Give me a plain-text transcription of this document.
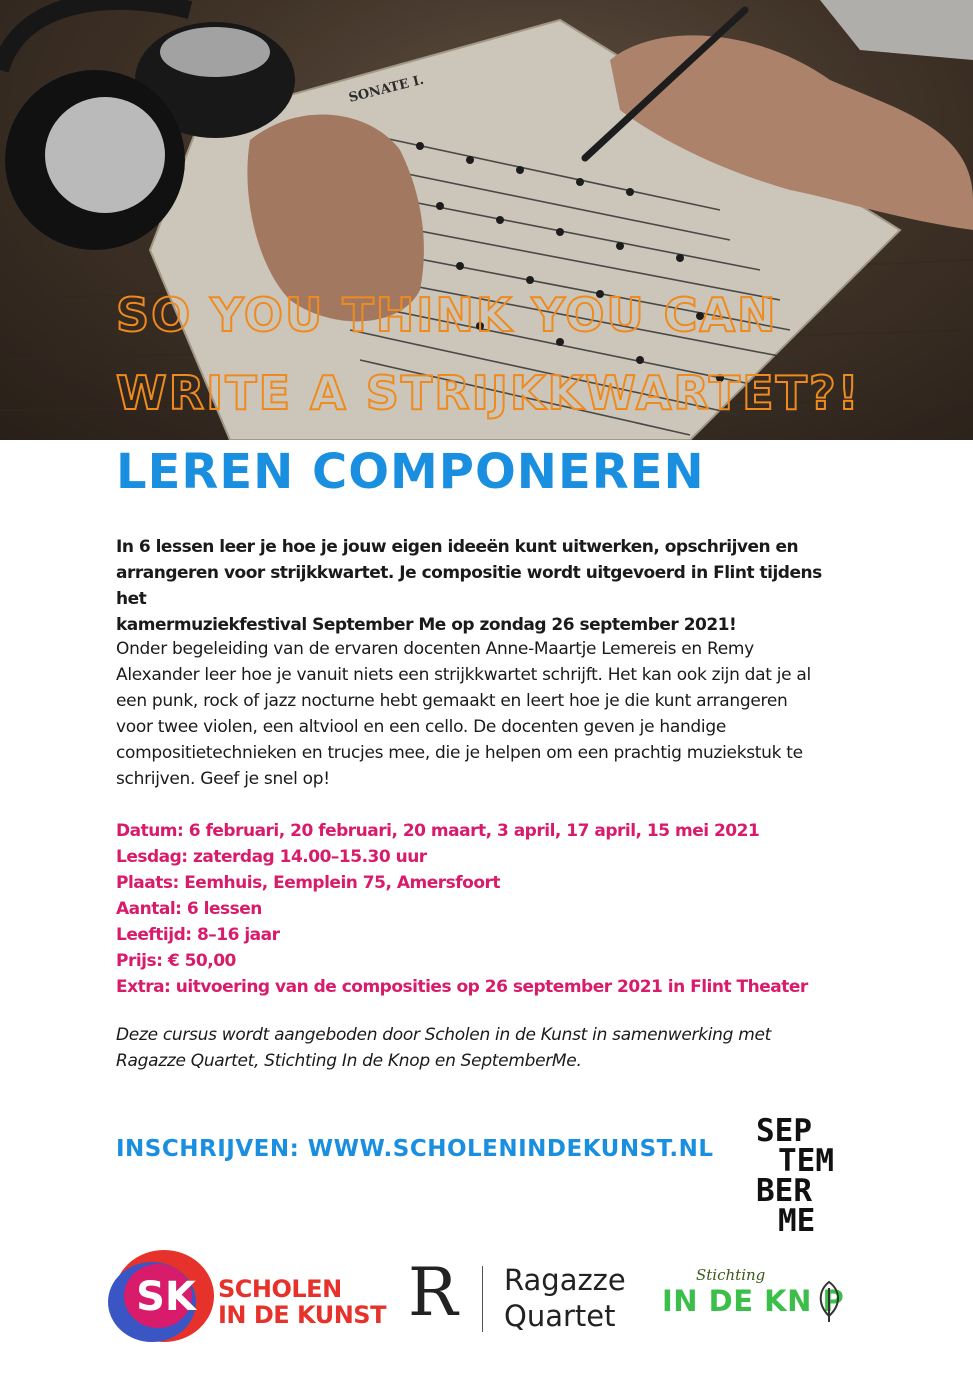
SONATE I.
SO YOU THINK YOU CAN
WRITE A STRIJKKWARTET?!
LEREN COMPONEREN
In 6 lessen leer je hoe je jouw eigen ideeën kunt uitwerken, opschrijven en
arrangeren voor strijkkwartet. Je compositie wordt uitgevoerd in Flint tijdens het
kamermuziekfestival September Me op zondag 26 september 2021!
Onder begeleiding van de ervaren docenten Anne-Maartje Lemereis en Remy
Alexander leer hoe je vanuit niets een strijkkwartet schrijft. Het kan ook zijn dat je al
een punk, rock of jazz nocturne hebt gemaakt en leert hoe je die kunt arrangeren
voor twee violen, een altviool en een cello. De docenten geven je handige
compositietechnieken en trucjes mee, die je helpen om een prachtig muziekstuk te
schrijven. Geef je snel op!
Datum: 6 februari, 20 februari, 20 maart, 3 april, 17 april, 15 mei 2021
Lesdag: zaterdag 14.00–15.30 uur
Plaats: Eemhuis, Eemplein 75, Amersfoort
Aantal: 6 lessen
Leeftijd: 8–16 jaar
Prijs: € 50,00
Extra: uitvoering van de composities op 26 september 2021 in Flint Theater
Deze cursus wordt aangeboden door Scholen in de Kunst in samenwerking met
Ragazze Quartet, Stichting In de Knop en SeptemberMe.
INSCHRIJVEN: WWW.SCHOLENINDEKUNST.NL SEP
TEM
BER
ME
SK SCHOLEN
IN DE KUNST R Ragazze
Quartet
Stichting
IN DE KN P
